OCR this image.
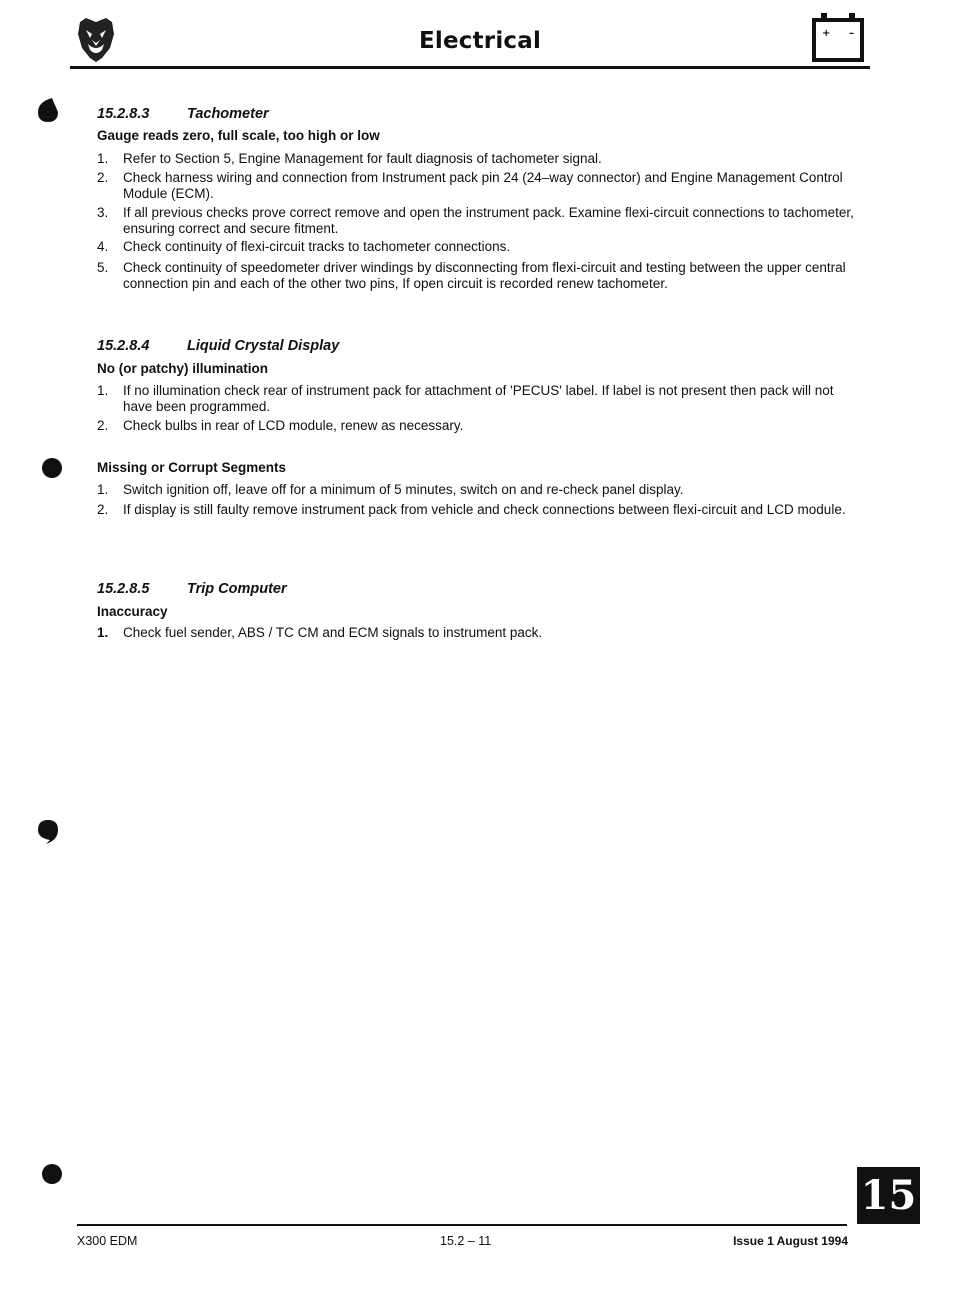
Electrical	+ –
15.2.8.3	Tachometer
Gauge reads zero, full scale, too high or low
1.	Refer to Section 5, Engine Management for fault diagnosis of tachometer signal.
2.	Check harness wiring and connection from Instrument pack pin 24 (24–way connector) and Engine Management Control Module (ECM).
3.	If all previous checks prove correct remove and open the instrument pack. Examine flexi-circuit connections to tachometer, ensuring correct and secure fitment.
4.	Check continuity of flexi-circuit tracks to tachometer connections.
5.	Check continuity of speedometer driver windings by disconnecting from flexi-circuit and testing between the upper central connection pin and each of the other two pins, If open circuit is recorded renew tachometer.
15.2.8.4	Liquid Crystal Display
No (or patchy) illumination
1.	If no illumination check rear of instrument pack for attachment of 'PECUS' label. If label is not present then pack will not have been programmed.
2.	Check bulbs in rear of LCD module, renew as necessary.
Missing or Corrupt Segments
1.	Switch ignition off, leave off for a minimum of 5 minutes, switch on and re-check panel display.
2.	If display is still faulty remove instrument pack from vehicle and check connections between flexi-circuit and LCD module.
15.2.8.5	Trip Computer
Inaccuracy
1.	Check fuel sender, ABS / TC CM and ECM signals to instrument pack.
15
X300 EDM	15.2 – 11	Issue 1 August 1994
